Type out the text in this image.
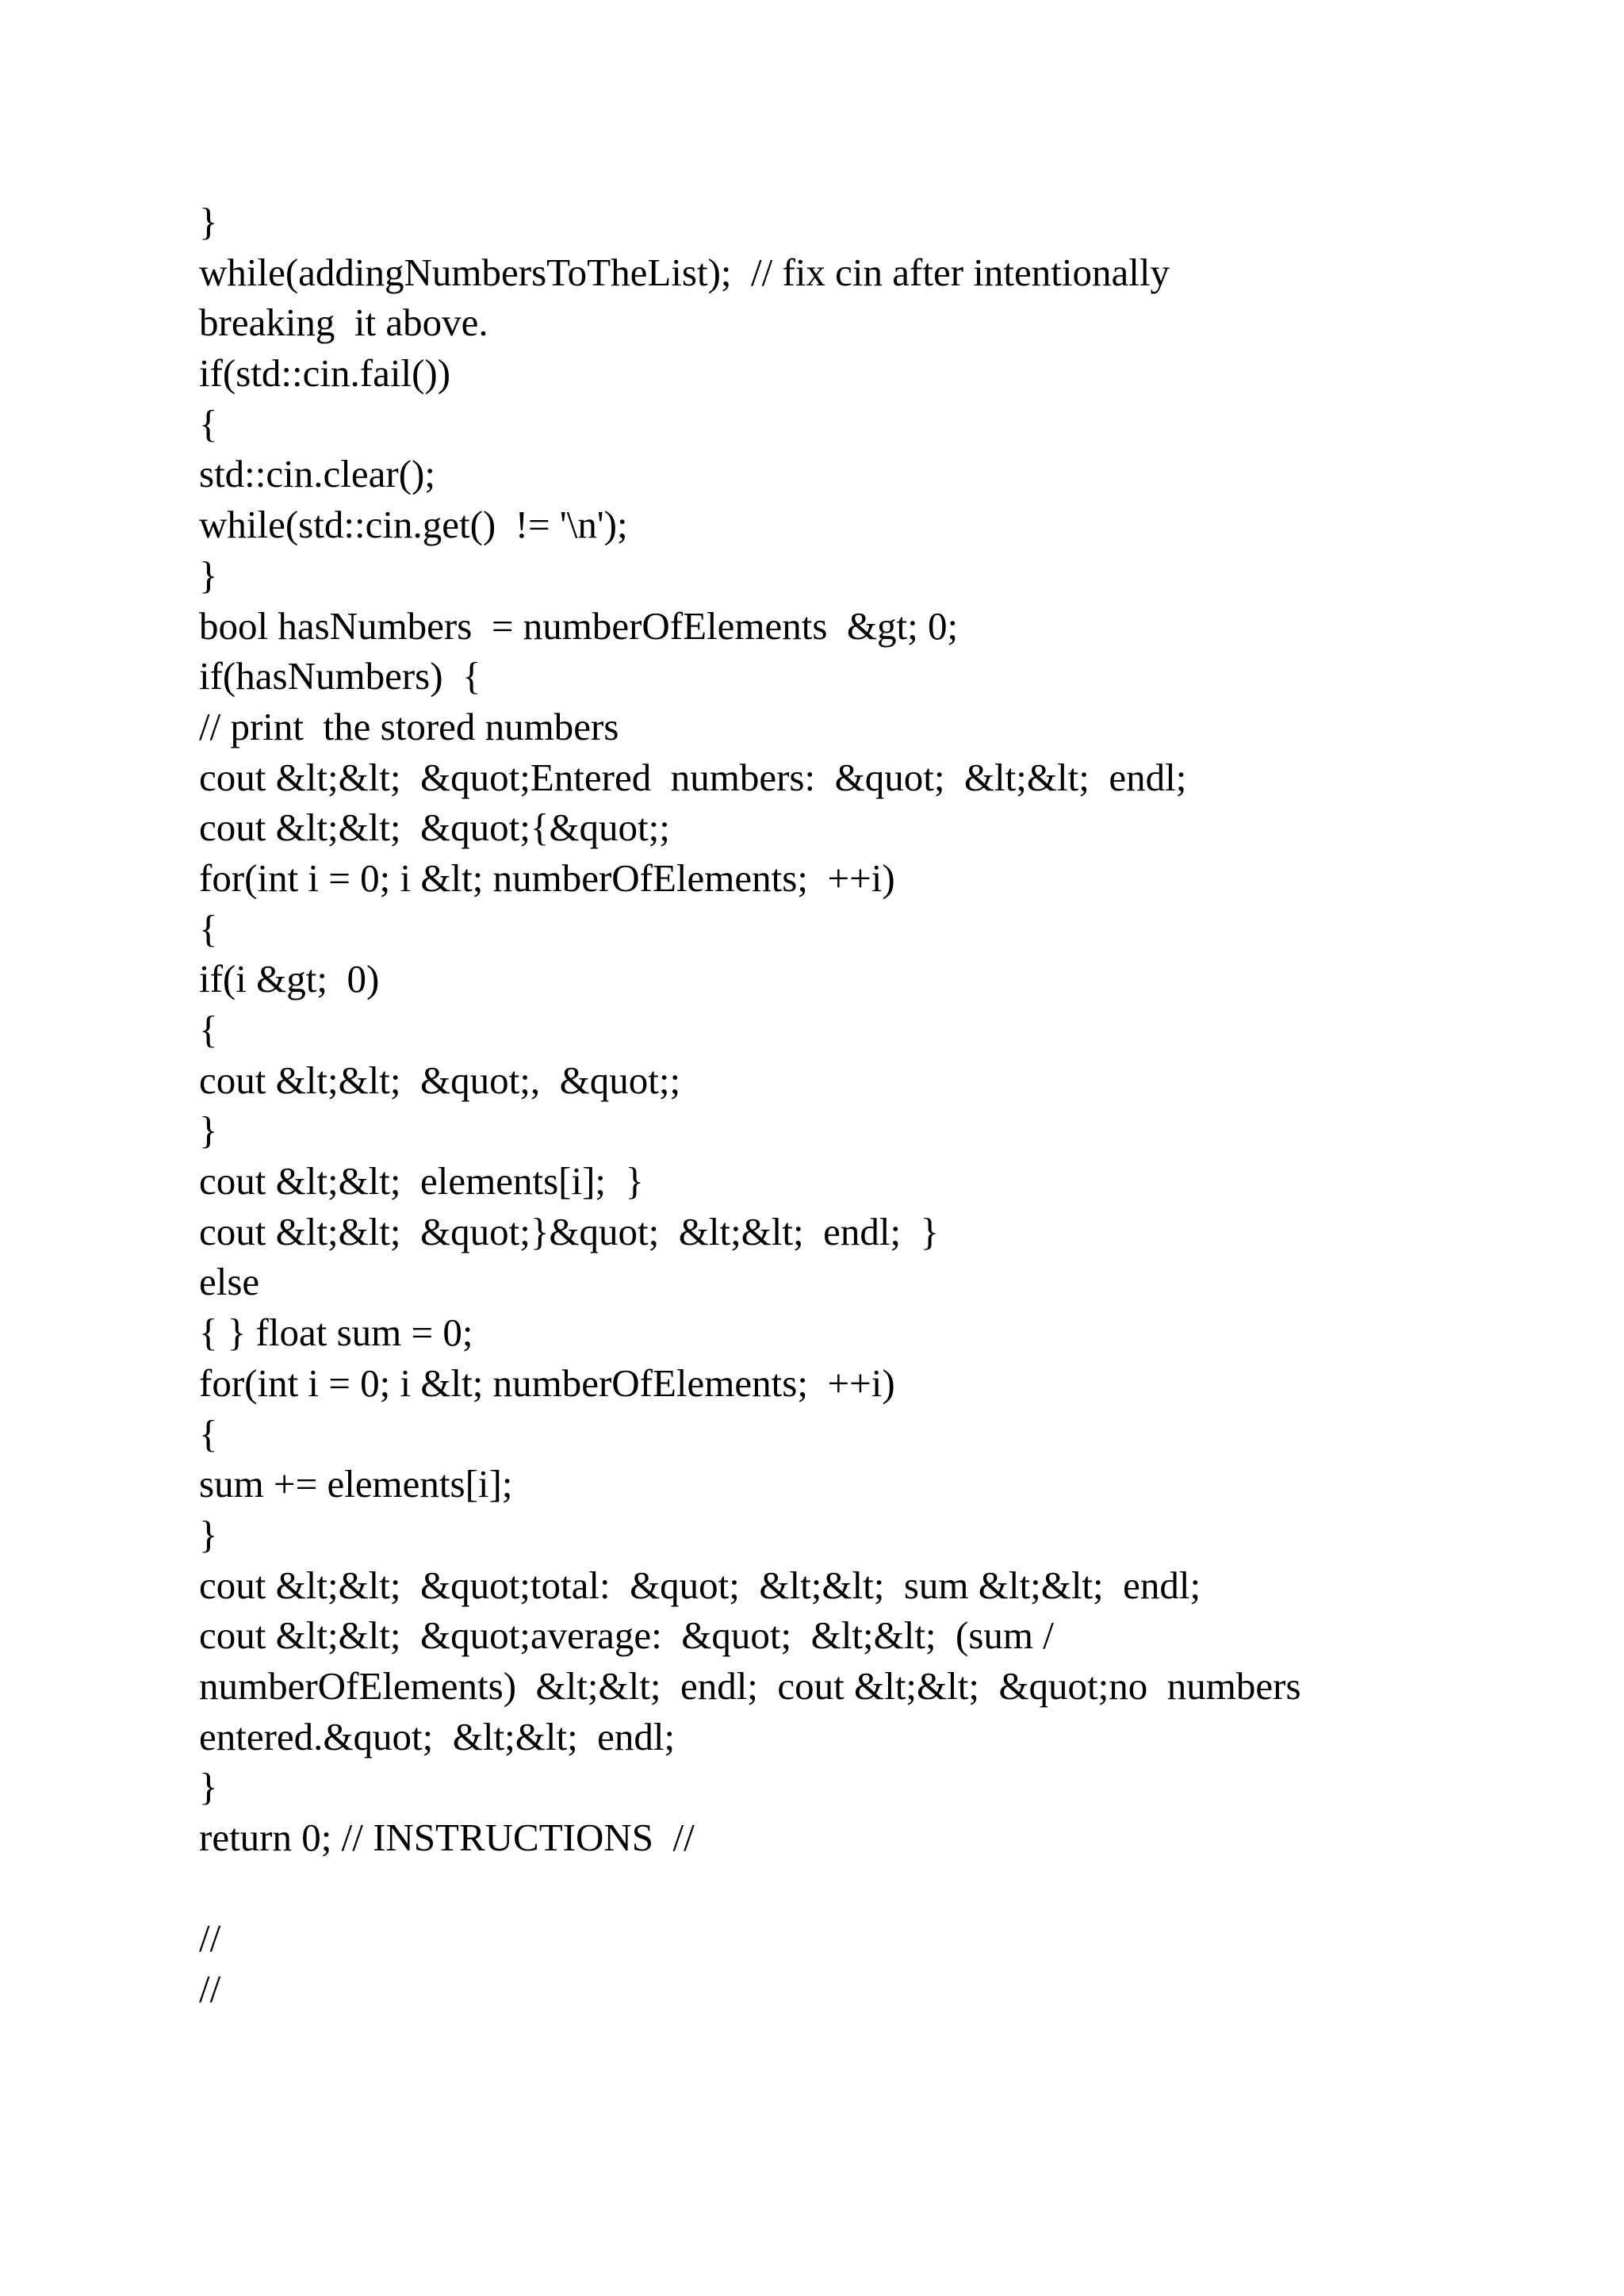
}
while(addingNumbersToTheList);  // fix cin after intentionally
breaking  it above.
if(std::cin.fail())
{
std::cin.clear();
while(std::cin.get()  != '\n');
}
bool hasNumbers  = numberOfElements  &gt; 0;
if(hasNumbers)  {
// print  the stored numbers
cout &lt;&lt;  &quot;Entered  numbers:  &quot;  &lt;&lt;  endl;
cout &lt;&lt;  &quot;{&quot;;
for(int i = 0; i &lt; numberOfElements;  ++i)
{
if(i &gt;  0)
{
cout &lt;&lt;  &quot;,  &quot;;
}
cout &lt;&lt;  elements[i];  }
cout &lt;&lt;  &quot;}&quot;  &lt;&lt;  endl;  }
else
{ } float sum = 0;
for(int i = 0; i &lt; numberOfElements;  ++i)
{
sum += elements[i];
}
cout &lt;&lt;  &quot;total:  &quot;  &lt;&lt;  sum &lt;&lt;  endl;
cout &lt;&lt;  &quot;average:  &quot;  &lt;&lt;  (sum /
numberOfElements)  &lt;&lt;  endl;  cout &lt;&lt;  &quot;no  numbers
entered.&quot;  &lt;&lt;  endl;
}
return 0; // INSTRUCTIONS  //
//
//
